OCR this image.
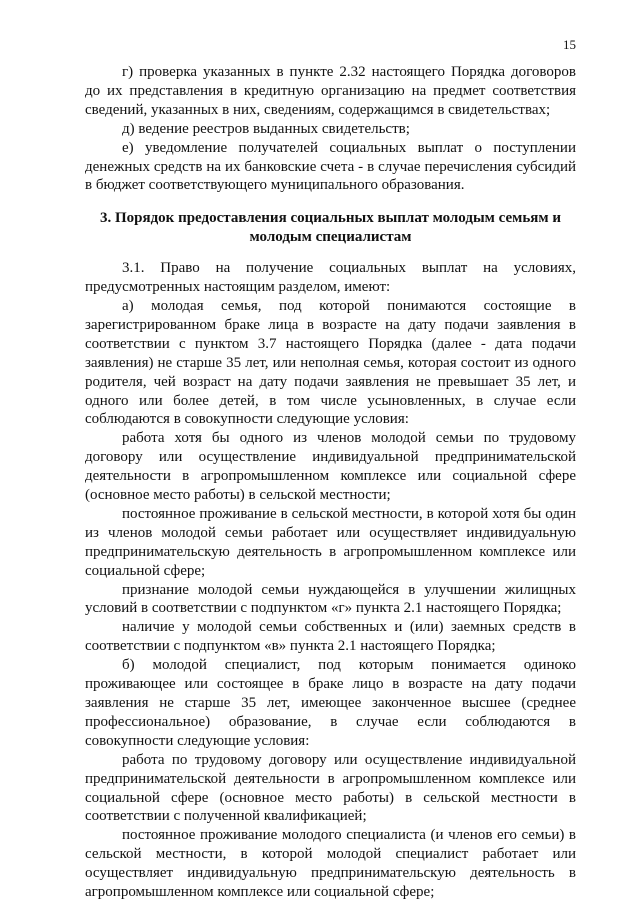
15

г) проверка указанных в пункте 2.32 настоящего Порядка договоров до их представления в кредитную организацию на предмет соответствия сведений, указанных в них, сведениям, содержащимся в свидетельствах;

д) ведение реестров выданных свидетельств;

е) уведомление получателей социальных выплат о поступлении денежных средств на их банковские счета - в случае перечисления субсидий в бюджет соответствующего муниципального образования.

3. Порядок предоставления социальных выплат молодым семьям и молодым специалистам

3.1. Право на получение социальных выплат на условиях, предусмотренных настоящим разделом, имеют:

а) молодая семья, под которой понимаются состоящие в зарегистрированном браке лица в возрасте на дату подачи заявления в соответствии с пунктом 3.7 настоящего Порядка (далее - дата подачи заявления) не старше 35 лет, или неполная семья, которая состоит из одного родителя, чей возраст на дату подачи заявления не превышает 35 лет, и одного или более детей, в том числе усыновленных, в случае если соблюдаются в совокупности следующие условия:

работа хотя бы одного из членов молодой семьи по трудовому договору или осуществление индивидуальной предпринимательской деятельности в агропромышленном комплексе или социальной сфере (основное место работы) в сельской местности;

постоянное проживание в сельской местности, в которой хотя бы один из членов молодой семьи работает или осуществляет индивидуальную предпринимательскую деятельность в агропромышленном комплексе или социальной сфере;

признание молодой семьи нуждающейся в улучшении жилищных условий в соответствии с подпунктом «г» пункта 2.1 настоящего Порядка;

наличие у молодой семьи собственных и (или) заемных средств в соответствии с подпунктом «в» пункта 2.1 настоящего Порядка;

б) молодой специалист, под которым понимается одиноко проживающее или состоящее в браке лицо в возрасте на дату подачи заявления не старше 35 лет, имеющее законченное высшее (среднее профессиональное) образование, в случае если соблюдаются в совокупности следующие условия:

работа по трудовому договору или осуществление индивидуальной предпринимательской деятельности в агропромышленном комплексе или социальной сфере (основное место работы) в сельской местности в соответствии с полученной квалификацией;

постоянное проживание молодого специалиста (и членов его семьи) в сельской местности, в которой молодой специалист работает или осуществляет индивидуальную предпринимательскую деятельность в агропромышленном комплексе или социальной сфере;
